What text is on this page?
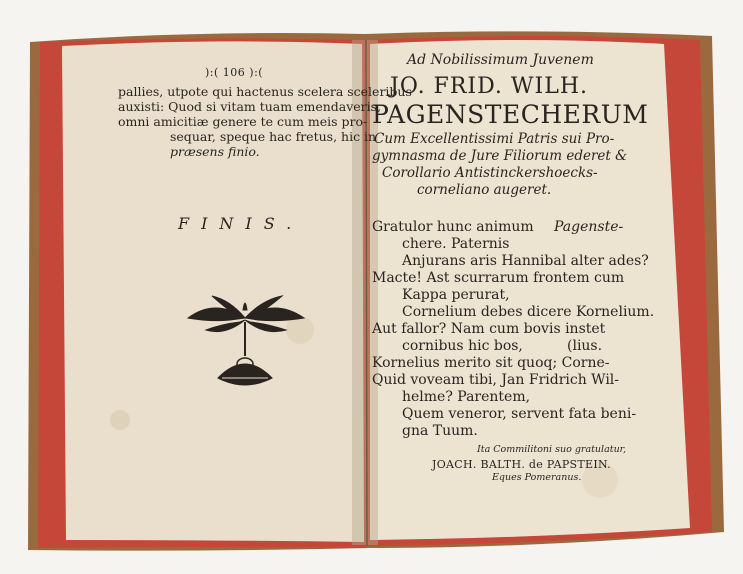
):( 106 ):(
pallies, utpote qui hactenus scelera sceleribus
auxisti: Quod si vitam tuam emendaveris,
omni amicitiæ genere te cum meis pro-
sequar, speque hac fretus, hic in
præsens finio.
FINIS.
Ad Nobilissimum Juvenem
JO. FRID. WILH.
PAGENSTECHERUM
Cum Excellentissimi Patris sui Pro-
gymnasma de Jure Filiorum ederet &
Corollario Antistinckershoecks-
corneliano augeret.
Gratulor hunc animum Pagenste-
chere. Paternis
Anjurans aris Hannibal alter ades?
Macte! Ast scurrarum frontem cum
Kappa perurat,
Cornelium debes dicere Kornelium.
Aut fallor? Nam cum bovis instet
cornibus hic bos,	(lius.
Kornelius merito sit quoq; Corne-
Quid voveam tibi, Jan Fridrich Wil-
helme? Parentem,
Quem veneror, servent fata beni-
gna Tuum.
Ita Commilitoni suo gratulatur,
JOACH. BALTH. de PAPSTEIN.
Eques Pomeranus.
